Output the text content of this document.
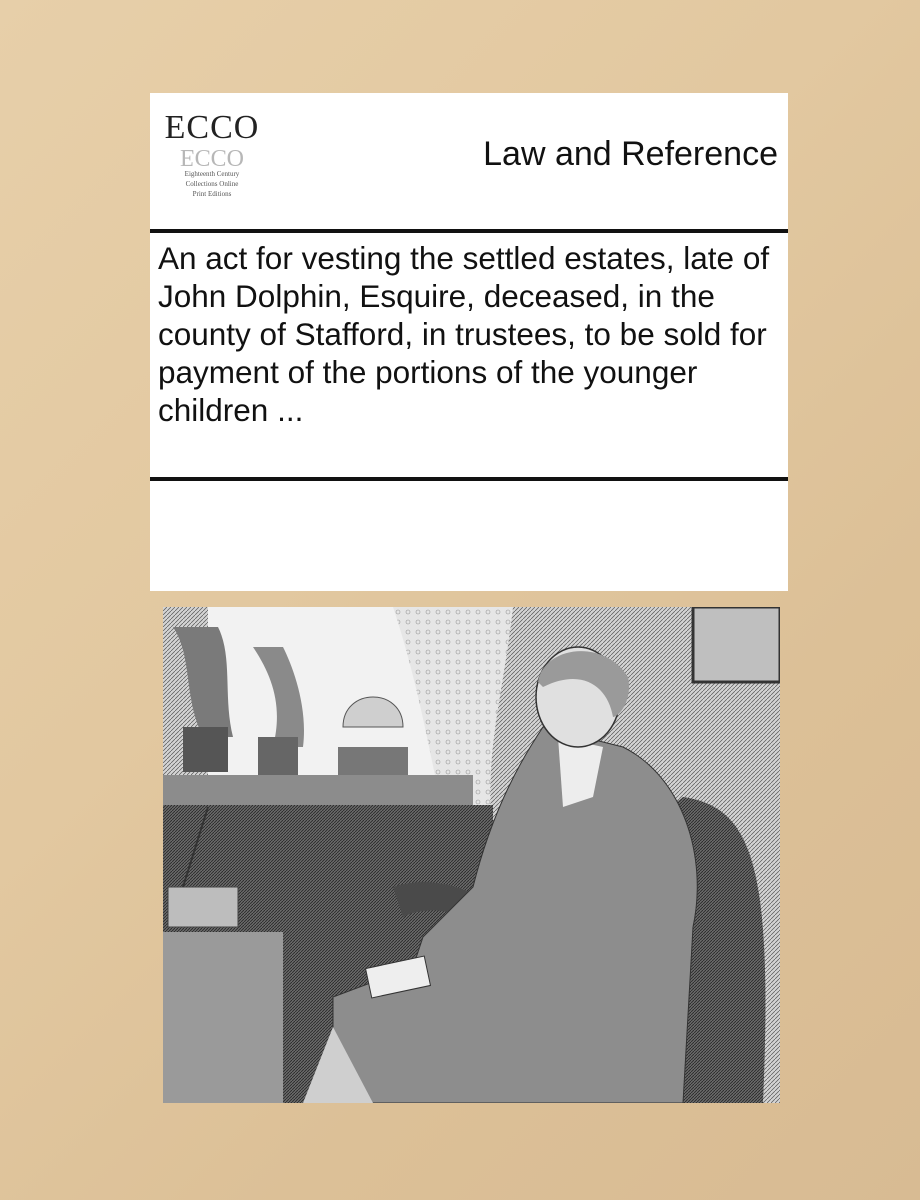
ECCO
ECCO
Eighteenth Century
Collections Online
Print Editions
Law and Reference
An act for vesting the settled estates, late of John Dolphin, Esquire, deceased, in the county of Stafford, in trustees, to be sold for payment of the portions of the younger children ...
